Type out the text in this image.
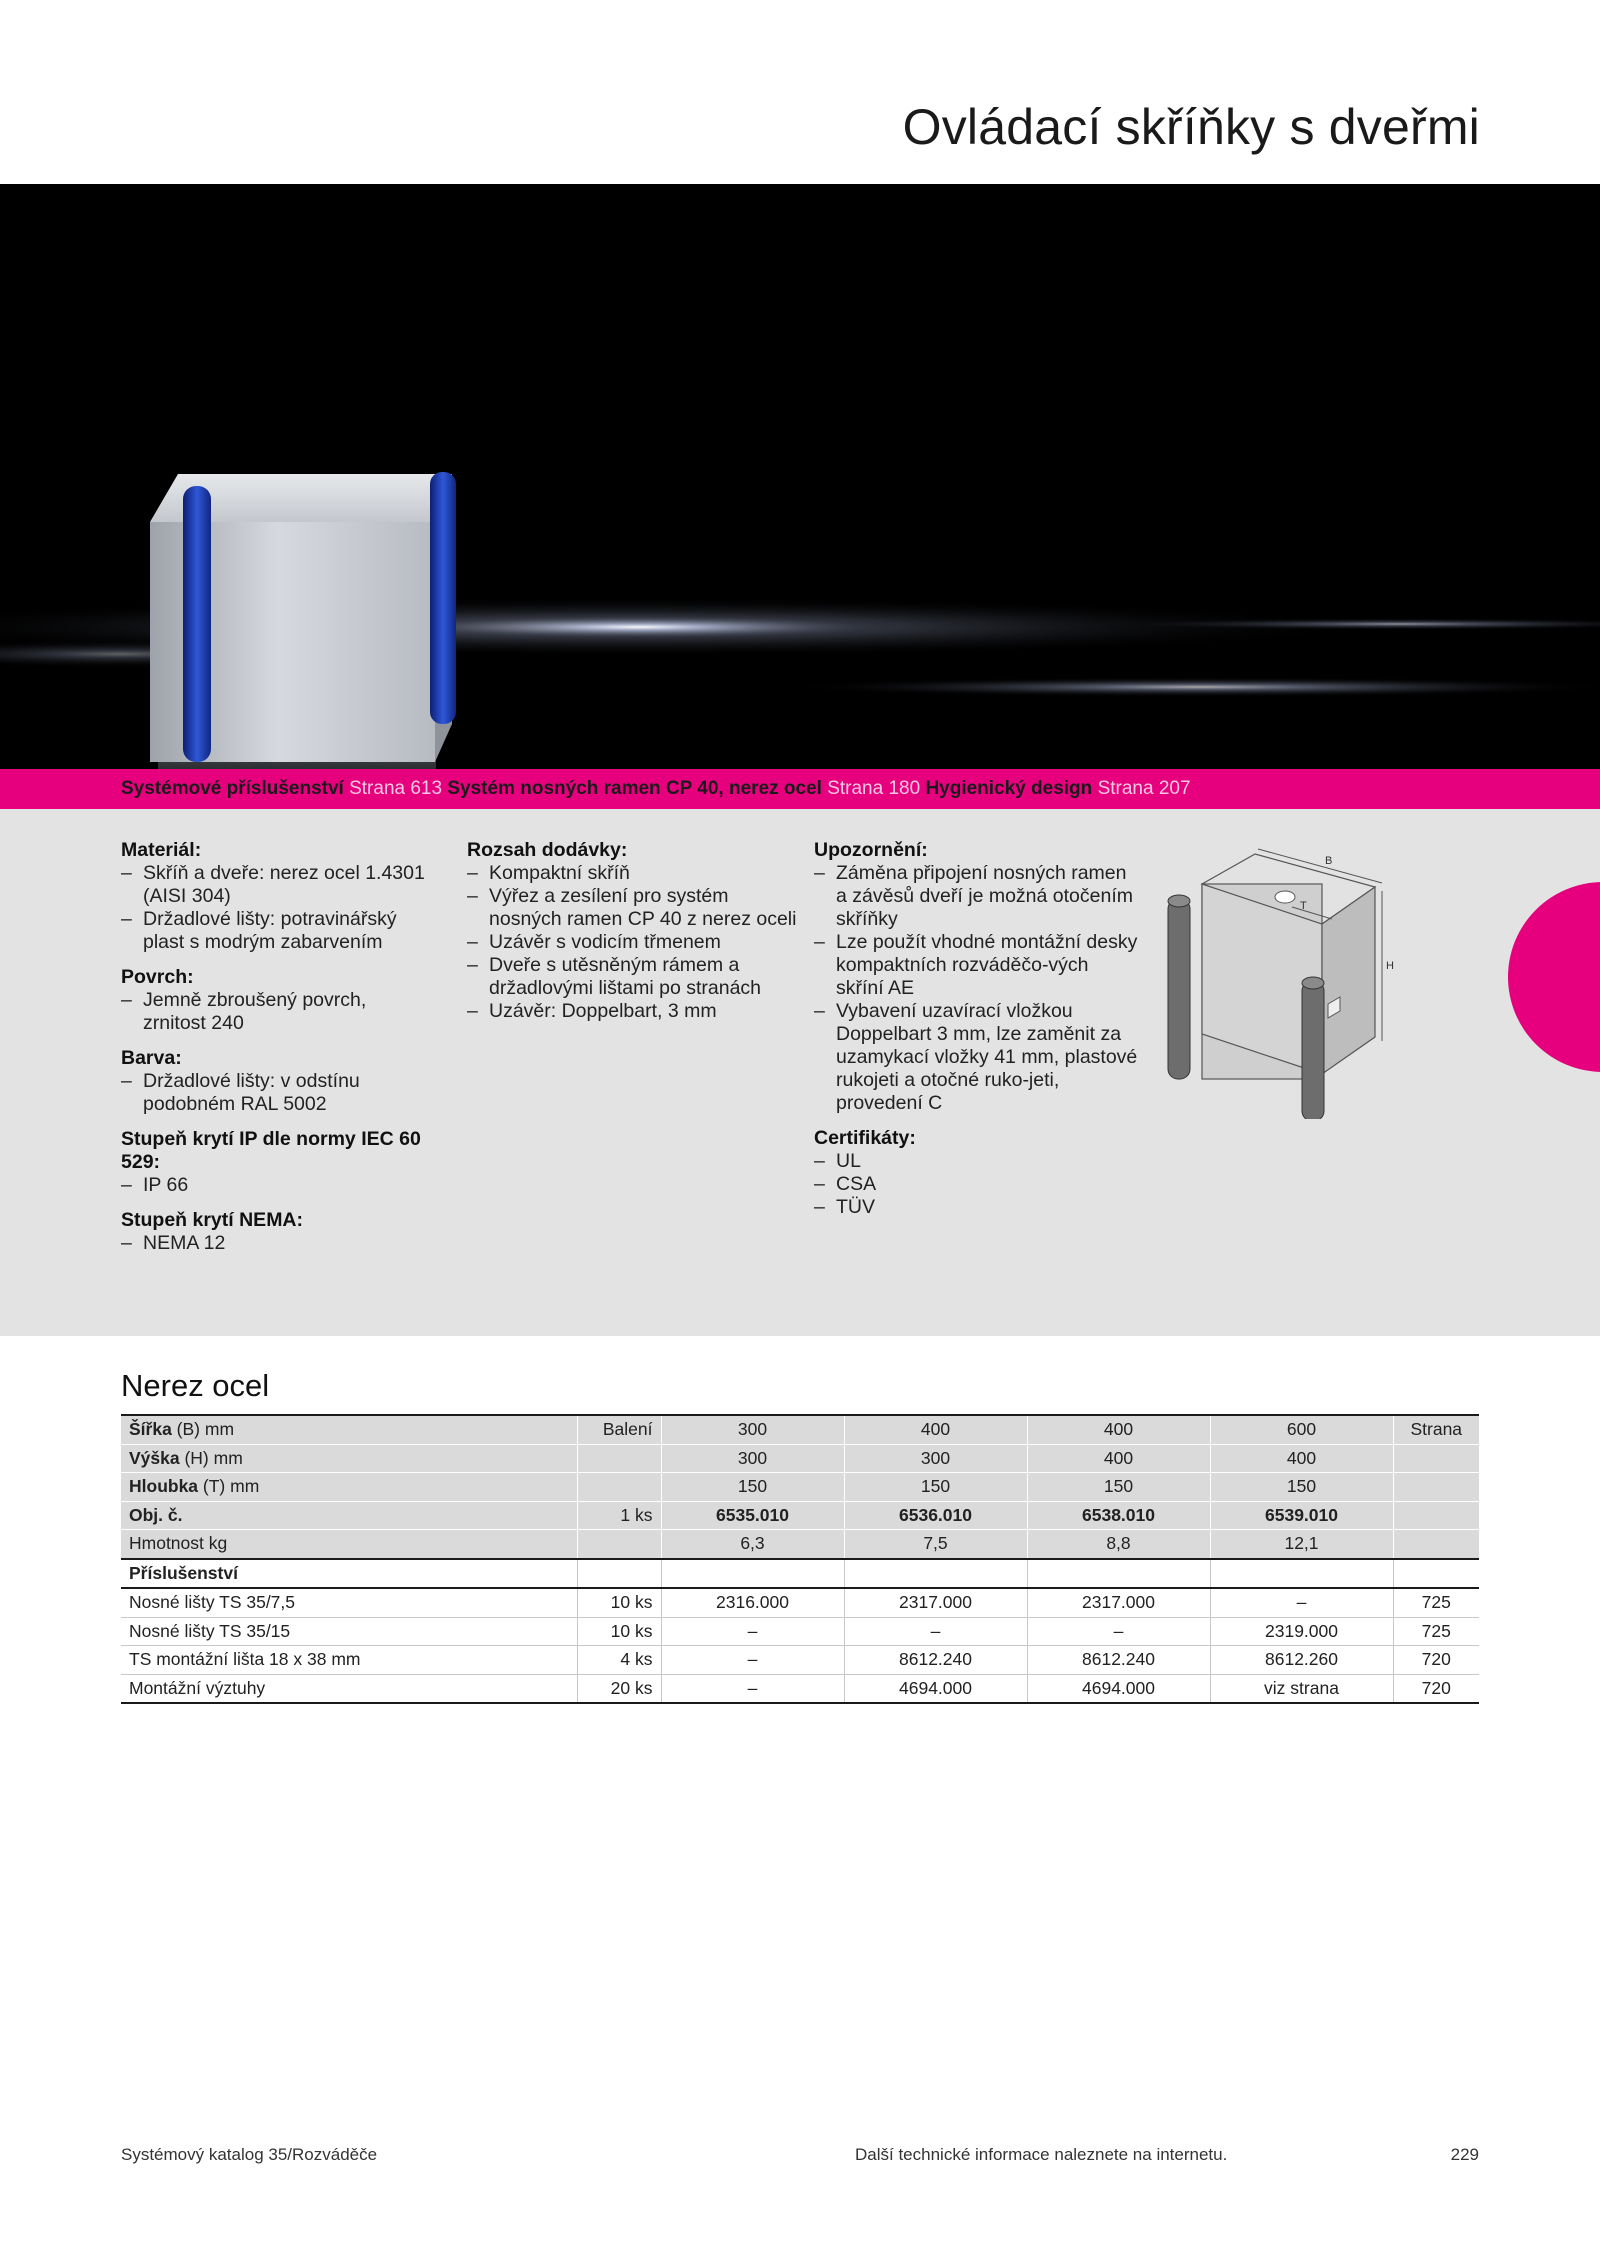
Ovládací skříňky s dveřmi
Systémové příslušenství Strana 613 Systém nosných ramen CP 40, nerez ocel Strana 180 Hygienický design Strana 207
Materiál:
– Skříň a dveře: nerez ocel 1.4301 (AISI 304)
– Držadlové lišty: potravinářský plast s modrým zabarvením
Povrch:
– Jemně zbroušený povrch, zrnitost 240
Barva:
– Držadlové lišty: v odstínu podobném RAL 5002
Stupeň krytí IP dle normy IEC 60 529:
– IP 66
Stupeň krytí NEMA:
– NEMA 12
Rozsah dodávky:
– Kompaktní skříň
– Výřez a zesílení pro systém nosných ramen CP 40 z nerez oceli
– Uzávěr s vodicím třmenem
– Dveře s utěsněným rámem a držadlovými lištami po stranách
– Uzávěr: Doppelbart, 3 mm
Upozornění:
– Záměna připojení nosných ramen a závěsů dveří je možná otočením skříňky
– Lze použít vhodné montážní desky kompaktních rozváděčo-vých skříní AE
– Vybavení uzavírací vložkou Doppelbart 3 mm, lze zaměnit za uzamykací vložky 41 mm, plastové rukojeti a otočné ruko-jeti, provedení C
Certifikáty:
– UL
– CSA
– TÜV
B
T
H
Nerez ocel
Šířka (B) mm	Balení	300	400	400	600	Strana
Výška (H) mm		300	300	400	400	
Hloubka (T) mm		150	150	150	150	
Obj. č.	1 ks	6535.010	6536.010	6538.010	6539.010	
Hmotnost kg		6,3	7,5	8,8	12,1	
Příslušenství						
Nosné lišty TS 35/7,5	10 ks	2316.000	2317.000	2317.000	–	725
Nosné lišty TS 35/15	10 ks	–	–	–	2319.000	725
TS montážní lišta 18 x 38 mm	4 ks	–	8612.240	8612.240	8612.260	720
Montážní výztuhy	20 ks	–	4694.000	4694.000	viz strana	720
Systémový katalog 35/Rozváděče	Další technické informace naleznete na internetu.	229
